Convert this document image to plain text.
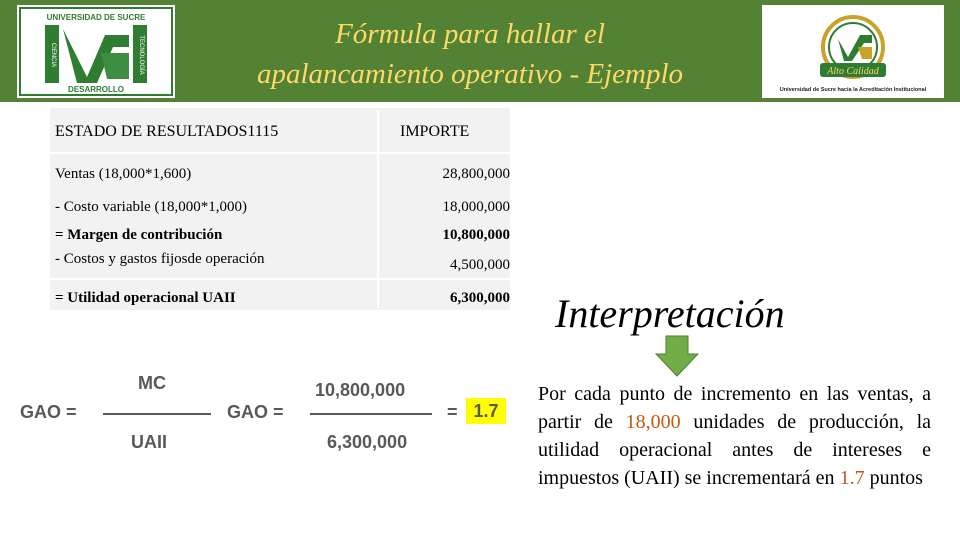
UNIVERSIDAD DE SUCRE
DESARROLLO
CIENCIA	TECNOLOGÍA
Fórmula para hallar el
apalancamiento operativo - Ejemplo	Alto Calidad
Universidad de Sucre hacia la Acreditación Institucional
ESTADO DE RESULTADOS1115	IMPORTE
Ventas (18,000*1,600)	28,800,000
- Costo variable (18,000*1,000)	18,000,000
= Margen de contribución	10,800,000
- Costos y gastos fijosde operación	4,500,000
= Utilidad operacional UAII	6,300,000
GAO =
MC
UAII
GAO =
10,800,000
6,300,000
= 1.7
Interpretación
Por cada punto de incremento en las ventas, a partir de 18,000 unidades de producción, la utilidad operacional antes de intereses e impuestos (UAII) se incrementará en 1.7 puntos
